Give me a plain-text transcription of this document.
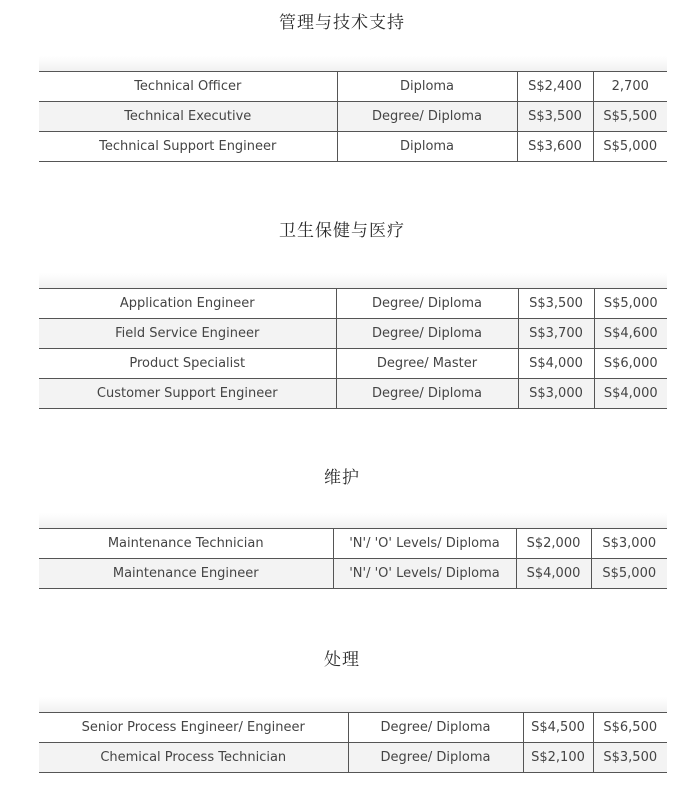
管理与技术支持
Technical Officer	Diploma	S$2,400	2,700
Technical Executive	Degree/ Diploma	S$3,500	S$5,500
Technical Support Engineer	Diploma	S$3,600	S$5,000
卫生保健与医疗
Application Engineer	Degree/ Diploma	S$3,500	S$5,000
Field Service Engineer	Degree/ Diploma	S$3,700	S$4,600
Product Specialist	Degree/ Master	S$4,000	S$6,000
Customer Support Engineer	Degree/ Diploma	S$3,000	S$4,000
维护
Maintenance Technician	'N'/ 'O' Levels/ Diploma	S$2,000	S$3,000
Maintenance Engineer	'N'/ 'O' Levels/ Diploma	S$4,000	S$5,000
处理
Senior Process Engineer/ Engineer	Degree/ Diploma	S$4,500	S$6,500
Chemical Process Technician	Degree/ Diploma	S$2,100	S$3,500
